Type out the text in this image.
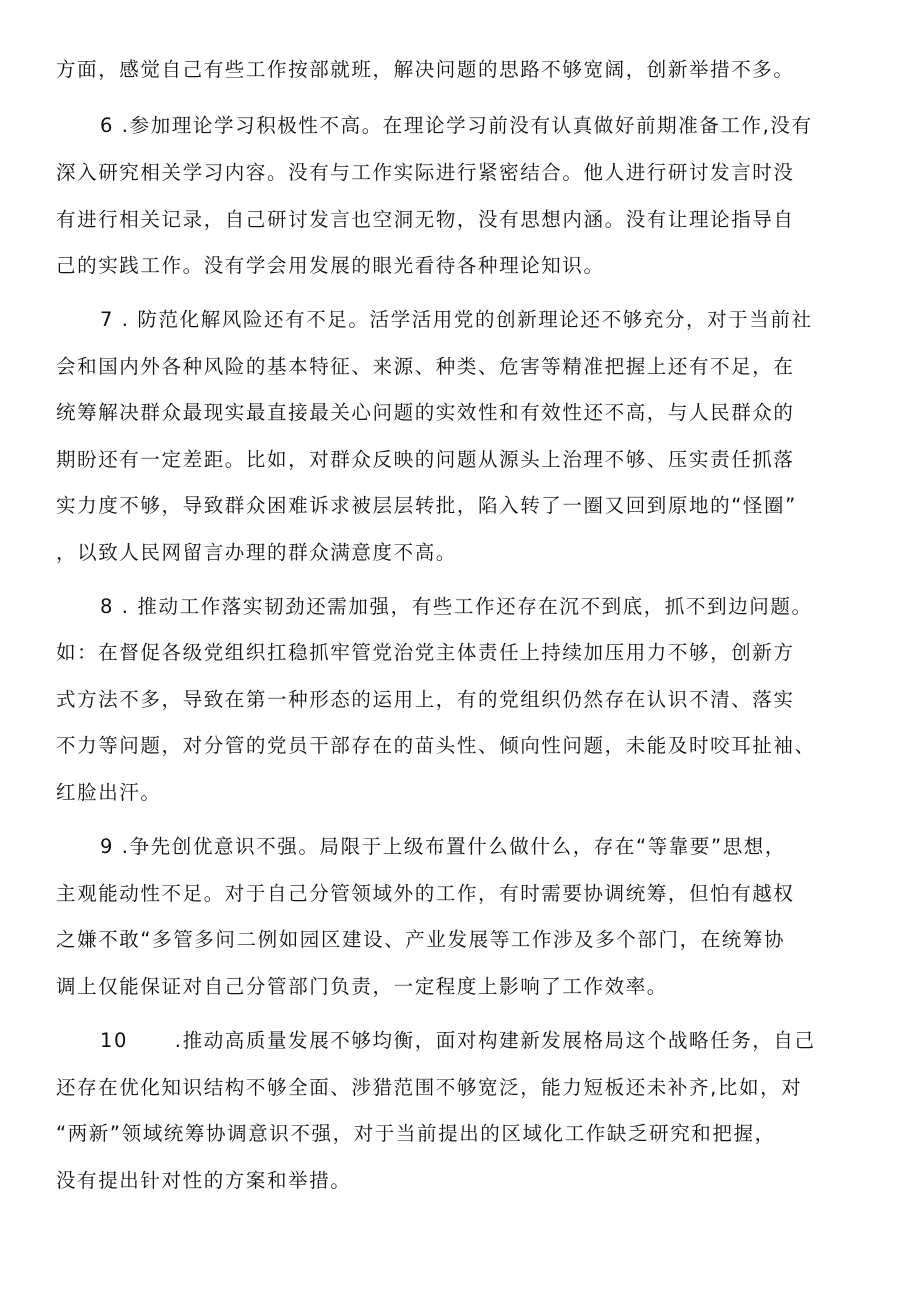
方面，感觉自己有些工作按部就班，解决问题的思路不够宽阔，创新举措不多。
6 .参加理论学习积极性不高。在理论学习前没有认真做好前期准备工作,没有
深入研究相关学习内容。没有与工作实际进行紧密结合。他人进行研讨发言时没
有进行相关记录，自己研讨发言也空洞无物，没有思想内涵。没有让理论指导自
己的实践工作。没有学会用发展的眼光看待各种理论知识。
7 . 防范化解风险还有不足。活学活用党的创新理论还不够充分，对于当前社
会和国内外各种风险的基本特征、来源、种类、危害等精准把握上还有不足，在
统筹解决群众最现实最直接最关心问题的实效性和有效性还不高，与人民群众的
期盼还有一定差距。比如，对群众反映的问题从源头上治理不够、压实责任抓落
实力度不够，导致群众困难诉求被层层转批，陷入转了一圈又回到原地的“怪圈”
，以致人民网留言办理的群众满意度不高。
8 . 推动工作落实韧劲还需加强，有些工作还存在沉不到底，抓不到边问题。
如：在督促各级党组织扛稳抓牢管党治党主体责任上持续加压用力不够，创新方
式方法不多，导致在第一种形态的运用上，有的党组织仍然存在认识不清、落实
不力等问题，对分管的党员干部存在的苗头性、倾向性问题，未能及时咬耳扯袖、
红脸出汗。
9 .争先创优意识不强。局限于上级布置什么做什么，存在“等靠要”思想，
主观能动性不足。对于自己分管领域外的工作，有时需要协调统筹，但怕有越权
之嫌不敢“多管多问二例如园区建设、产业发展等工作涉及多个部门，在统筹协
调上仅能保证对自己分管部门负责，一定程度上影响了工作效率。
10      .推动高质量发展不够均衡，面对构建新发展格局这个战略任务，自己
还存在优化知识结构不够全面、涉猎范围不够宽泛，能力短板还未补齐,比如，对
“两新”领域统筹协调意识不强，对于当前提出的区域化工作缺乏研究和把握，
没有提出针对性的方案和举措。
